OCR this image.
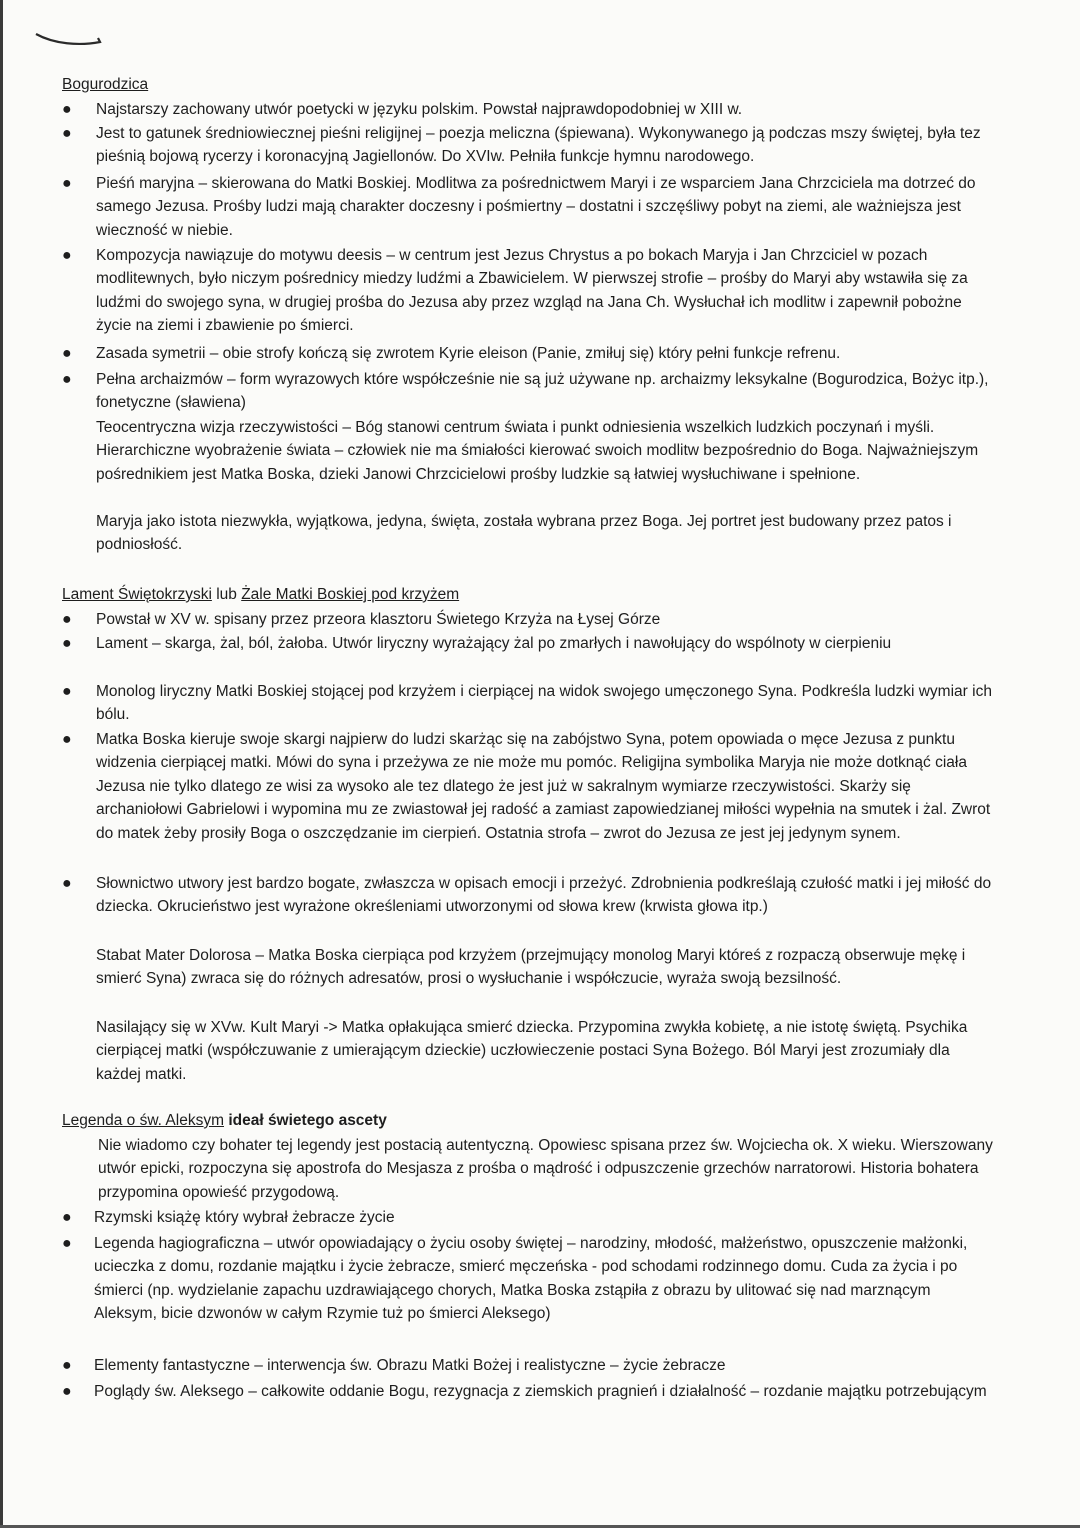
Bogurodzica
● Najstarszy zachowany utwór poetycki w języku polskim. Powstał najprawdopodobniej w XIII w.
● Jest to gatunek średniowiecznej pieśni religijnej – poezja meliczna (śpiewana). Wykonywanego ją podczas mszy świętej, była tez pieśnią bojową rycerzy i koronacyjną Jagiellonów. Do XVIw. Pełniła funkcje hymnu narodowego.
● Pieśń maryjna – skierowana do Matki Boskiej. Modlitwa za pośrednictwem Maryi i ze wsparciem Jana Chrzciciela ma dotrzeć do samego Jezusa. Prośby ludzi mają charakter doczesny i pośmiertny – dostatni i szczęśliwy pobyt na ziemi, ale ważniejsza jest wieczność w niebie.
● Kompozycja nawiązuje do motywu deesis – w centrum jest Jezus Chrystus a po bokach Maryja i Jan Chrzciciel w pozach modlitewnych, było niczym pośrednicy miedzy ludźmi a Zbawicielem. W pierwszej strofie – prośby do Maryi aby wstawiła się za ludźmi do swojego syna, w drugiej prośba do Jezusa aby przez wzgląd na Jana Ch. Wysłuchał ich modlitw i zapewnił pobożne życie na ziemi i zbawienie po śmierci.
● Zasada symetrii – obie strofy kończą się zwrotem Kyrie eleison (Panie, zmiłuj się) który pełni funkcje refrenu.
● Pełna archaizmów – form wyrazowych które współcześnie nie są już używane np. archaizmy leksykalne (Bogurodzica, Bożyc itp.), fonetyczne (sławiena)
Teocentryczna wizja rzeczywistości – Bóg stanowi centrum świata i punkt odniesienia wszelkich ludzkich poczynań i myśli. Hierarchiczne wyobrażenie świata – człowiek nie ma śmiałości kierować swoich modlitw bezpośrednio do Boga. Najważniejszym pośrednikiem jest Matka Boska, dzieki Janowi Chrzcicielowi prośby ludzkie są łatwiej wysłuchiwane i spełnione.
Maryja jako istota niezwykła, wyjątkowa, jedyna, święta, została wybrana przez Boga. Jej portret jest budowany przez patos i podniosłość.
Lament Świętokrzyski lub Żale Matki Boskiej pod krzyżem
● Powstał w XV w. spisany przez przeora klasztoru Świetego Krzyża na Łysej Górze
● Lament – skarga, żal, ból, żałoba. Utwór liryczny wyrażający żal po zmarłych i nawołujący do wspólnoty w cierpieniu
● Monolog liryczny Matki Boskiej stojącej pod krzyżem i cierpiącej na widok swojego umęczonego Syna. Podkreśla ludzki wymiar ich bólu.
● Matka Boska kieruje swoje skargi najpierw do ludzi skarżąc się na zabójstwo Syna, potem opowiada o męce Jezusa z punktu widzenia cierpiącej matki. Mówi do syna i przeżywa ze nie może mu pomóc. Religijna symbolika Maryja nie może dotknąć ciała Jezusa nie tylko dlatego ze wisi za wysoko ale tez dlatego że jest już w sakralnym wymiarze rzeczywistości. Skarży się archaniołowi Gabrielowi i wypomina mu ze zwiastował jej radość a zamiast zapowiedzianej miłości wypełnia na smutek i żal. Zwrot do matek żeby prosiły Boga o oszczędzanie im cierpień. Ostatnia strofa – zwrot do Jezusa ze jest jej jedynym synem.
● Słownictwo utwory jest bardzo bogate, zwłaszcza w opisach emocji i przeżyć. Zdrobnienia podkreślają czułość matki i jej miłość do dziecka. Okrucieństwo jest wyrażone określeniami utworzonymi od słowa krew (krwista głowa itp.)
Stabat Mater Dolorosa – Matka Boska cierpiąca pod krzyżem (przejmujący monolog Maryi któreś z rozpaczą obserwuje mękę i smierć Syna) zwraca się do różnych adresatów, prosi o wysłuchanie i współczucie, wyraża swoją bezsilność.
Nasilający się w XVw. Kult Maryi -> Matka opłakująca smierć dziecka. Przypomina zwykła kobietę, a nie istotę świętą. Psychika cierpiącej matki (współczuwanie z umierającym dzieckie) uczłowieczenie postaci Syna Bożego. Ból Maryi jest zrozumiały dla każdej matki.
Legenda o św. Aleksym ideał świetego ascety
Nie wiadomo czy bohater tej legendy jest postacią autentyczną. Opowiesc spisana przez św. Wojciecha ok. X wieku. Wierszowany utwór epicki, rozpoczyna się apostrofa do Mesjasza z prośba o mądrość i odpuszczenie grzechów narratorowi. Historia bohatera przypomina opowieść przygodową.
● Rzymski książę który wybrał żebracze życie
● Legenda hagiograficzna – utwór opowiadający o życiu osoby świętej – narodziny, młodość, małżeństwo, opuszczenie małżonki, ucieczka z domu, rozdanie majątku i życie żebracze, smierć męczeńska - pod schodami rodzinnego domu. Cuda za życia i po śmierci (np. wydzielanie zapachu uzdrawiającego chorych, Matka Boska zstąpiła z obrazu by ulitować się nad marznącym Aleksym, bicie dzwonów w całym Rzymie tuż po śmierci Aleksego)
● Elementy fantastyczne – interwencja św. Obrazu Matki Bożej i realistyczne – życie żebracze
● Poglądy św. Aleksego – całkowite oddanie Bogu, rezygnacja z ziemskich pragnień i działalność – rozdanie majątku potrzebującym
